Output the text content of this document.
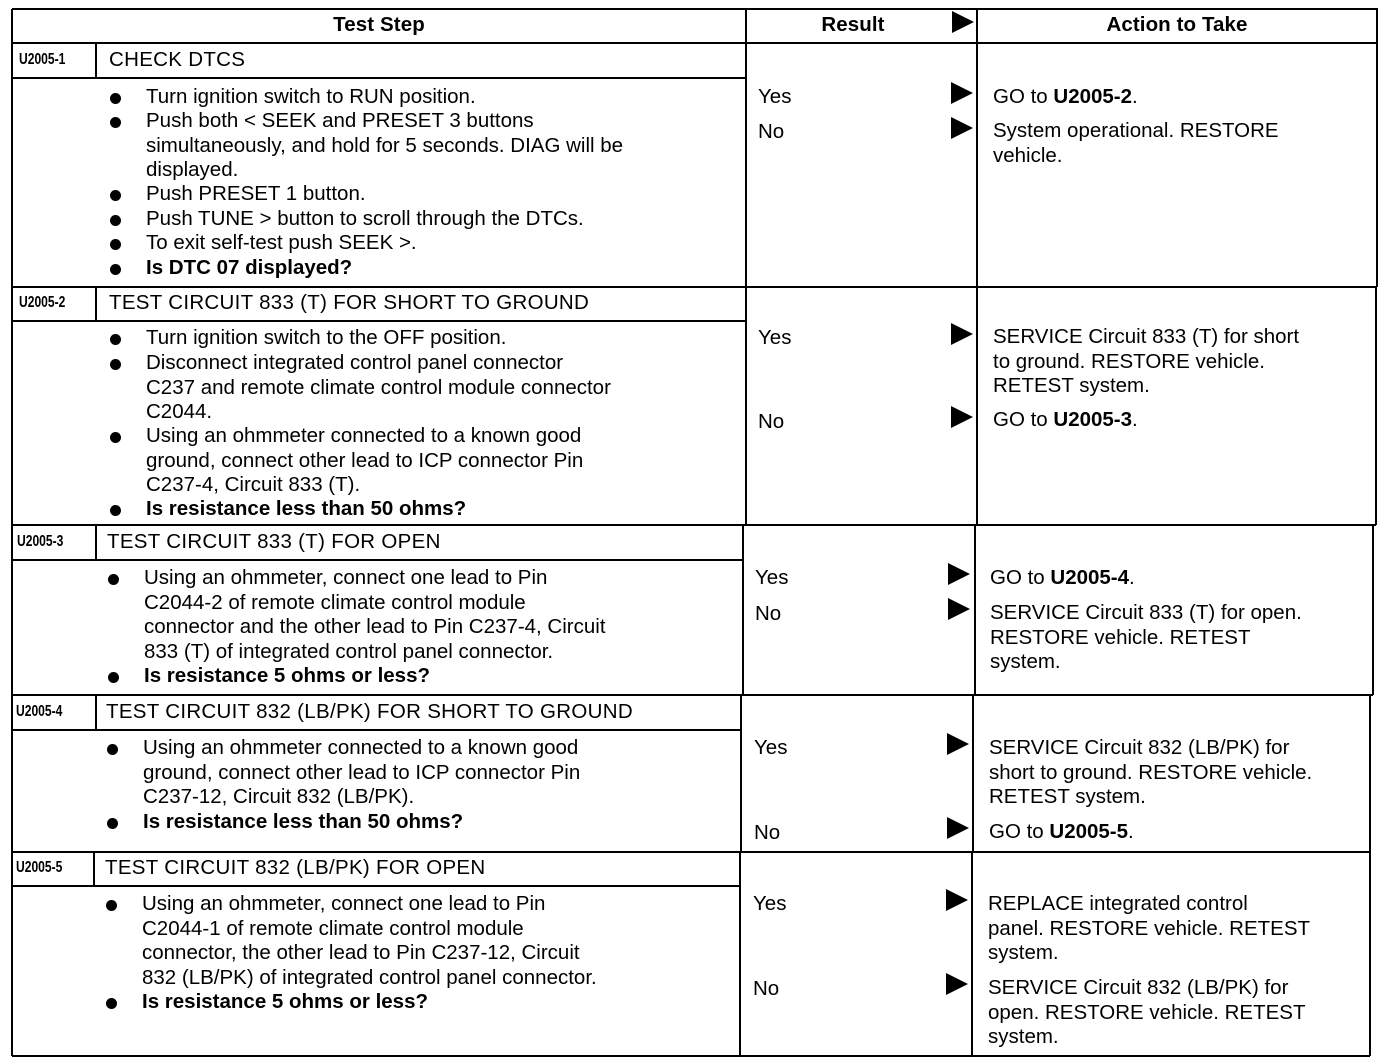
Test Step	Result	Action to Take
U2005-1 CHECK DTCS
Turn ignition switch to RUN position.
Push both < SEEK and PRESET 3 buttons
simultaneously, and hold for 5 seconds. DIAG will be
displayed.
Push PRESET 1 button.
Push TUNE > button to scroll through the DTCs.
To exit self-test push SEEK >.
Is DTC 07 displayed?
Yes	GO to U2005-2.
No	System operational. RESTORE
vehicle.
U2005-2 TEST CIRCUIT 833 (T) FOR SHORT TO GROUND
Turn ignition switch to the OFF position.
Disconnect integrated control panel connector
C237 and remote climate control module connector
C2044.
Using an ohmmeter connected to a known good
ground, connect other lead to ICP connector Pin
C237-4, Circuit 833 (T).
Is resistance less than 50 ohms?
Yes	SERVICE Circuit 833 (T) for short
to ground. RESTORE vehicle.
RETEST system.
No	GO to U2005-3.
U2005-3 TEST CIRCUIT 833 (T) FOR OPEN
Using an ohmmeter, connect one lead to Pin
C2044-2 of remote climate control module
connector and the other lead to Pin C237-4, Circuit
833 (T) of integrated control panel connector.
Is resistance 5 ohms or less?
Yes	GO to U2005-4.
No	SERVICE Circuit 833 (T) for open.
RESTORE vehicle. RETEST
system.
U2005-4 TEST CIRCUIT 832 (LB/PK) FOR SHORT TO GROUND
Using an ohmmeter connected to a known good
ground, connect other lead to ICP connector Pin
C237-12, Circuit 832 (LB/PK).
Is resistance less than 50 ohms?
Yes	SERVICE Circuit 832 (LB/PK) for
short to ground. RESTORE vehicle.
RETEST system.
No	GO to U2005-5.
U2005-5 TEST CIRCUIT 832 (LB/PK) FOR OPEN
Using an ohmmeter, connect one lead to Pin
C2044-1 of remote climate control module
connector, the other lead to Pin C237-12, Circuit
832 (LB/PK) of integrated control panel connector.
Is resistance 5 ohms or less?
Yes	REPLACE integrated control
panel. RESTORE vehicle. RETEST
system.
No	SERVICE Circuit 832 (LB/PK) for
open. RESTORE vehicle. RETEST
system.
